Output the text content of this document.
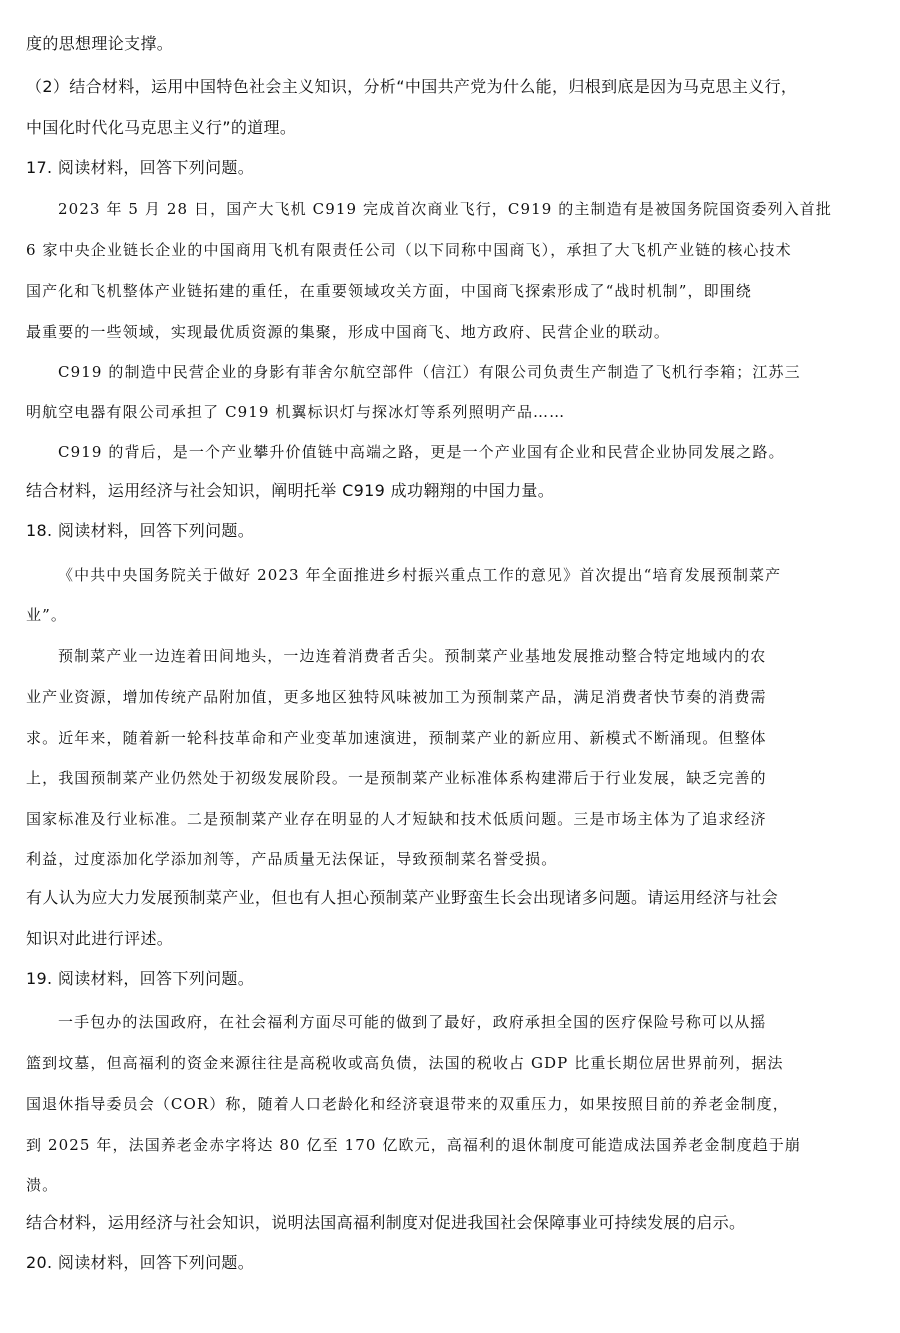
度的思想理论支撑。

（2）结合材料，运用中国特色社会主义知识，分析“中国共产党为什么能，归根到底是因为马克思主义行，

中国化时代化马克思主义行”的道理。

17. 阅读材料，回答下列问题。

2023 年 5 月 28 日，国产大飞机 C919 完成首次商业飞行，C919 的主制造有是被国务院国资委列入首批

6 家中央企业链长企业的中国商用飞机有限责任公司（以下同称中国商飞），承担了大飞机产业链的核心技术

国产化和飞机整体产业链拓建的重任，在重要领域攻关方面，中国商飞探索形成了“战时机制”，即围绕

最重要的一些领域，实现最优质资源的集聚，形成中国商飞、地方政府、民营企业的联动。

C919 的制造中民营企业的身影有菲舍尔航空部件（信江）有限公司负责生产制造了飞机行李箱；江苏三

明航空电器有限公司承担了 C919 机翼标识灯与探冰灯等系列照明产品……

C919 的背后，是一个产业攀升价值链中高端之路，更是一个产业国有企业和民营企业协同发展之路。

结合材料，运用经济与社会知识，阐明托举 C919 成功翱翔的中国力量。

18. 阅读材料，回答下列问题。

《中共中央国务院关于做好 2023 年全面推进乡村振兴重点工作的意见》首次提出“培育发展预制菜产

业”。

预制菜产业一边连着田间地头，一边连着消费者舌尖。预制菜产业基地发展推动整合特定地域内的农

业产业资源，增加传统产品附加值，更多地区独特风味被加工为预制菜产品，满足消费者快节奏的消费需

求。近年来，随着新一轮科技革命和产业变革加速演进，预制菜产业的新应用、新模式不断涌现。但整体

上，我国预制菜产业仍然处于初级发展阶段。一是预制菜产业标准体系构建滞后于行业发展，缺乏完善的

国家标准及行业标准。二是预制菜产业存在明显的人才短缺和技术低质问题。三是市场主体为了追求经济

利益，过度添加化学添加剂等，产品质量无法保证，导致预制菜名誉受损。

有人认为应大力发展预制菜产业，但也有人担心预制菜产业野蛮生长会出现诸多问题。请运用经济与社会

知识对此进行评述。

19. 阅读材料，回答下列问题。

一手包办的法国政府，在社会福利方面尽可能的做到了最好，政府承担全国的医疗保险号称可以从摇

篮到坟墓，但高福利的资金来源往往是高税收或高负债，法国的税收占 GDP 比重长期位居世界前列，据法

国退休指导委员会（COR）称，随着人口老龄化和经济衰退带来的双重压力，如果按照目前的养老金制度，

到 2025 年，法国养老金赤字将达 80 亿至 170 亿欧元，高福利的退休制度可能造成法国养老金制度趋于崩

溃。

结合材料，运用经济与社会知识，说明法国高福利制度对促进我国社会保障事业可持续发展的启示。

20. 阅读材料，回答下列问题。
